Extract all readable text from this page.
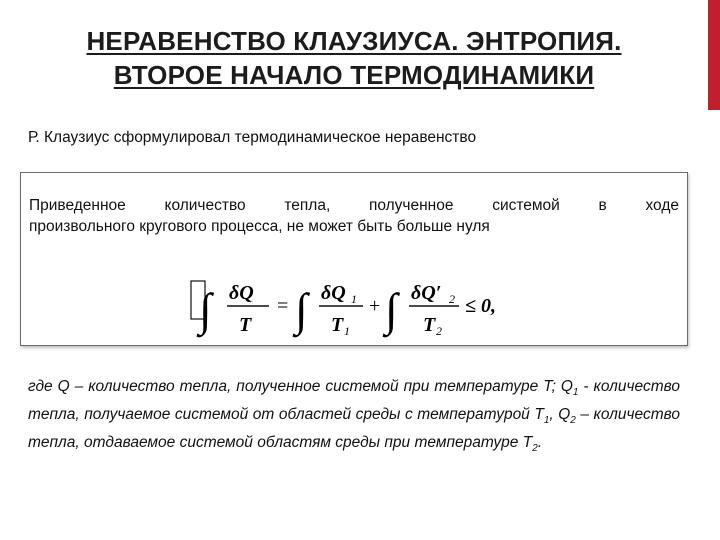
НЕРАВЕНСТВО КЛАУЗИУСА. ЭНТРОПИЯ.
ВТОРОЕ НАЧАЛО ТЕРМОДИНАМИКИ
Р. Клаузиус сформулировал термодинамическое неравенство
Приведенное количество тепла, полученное системой в ходе
произвольного кругового процесса, не может быть больше нуля
∫ δQ
T
= ∫ δQ 1
T 1
+ ∫ δQ′ 2
T 2
≤ 0,
где Q – количество тепла, полученное системой при температуре T; $Q_1$ - количество тепла, получаемое системой от областей среды с температурой $T_1$, $Q_2$ – количество тепла, отдаваемое системой областям среды при температуре $T_2$.
